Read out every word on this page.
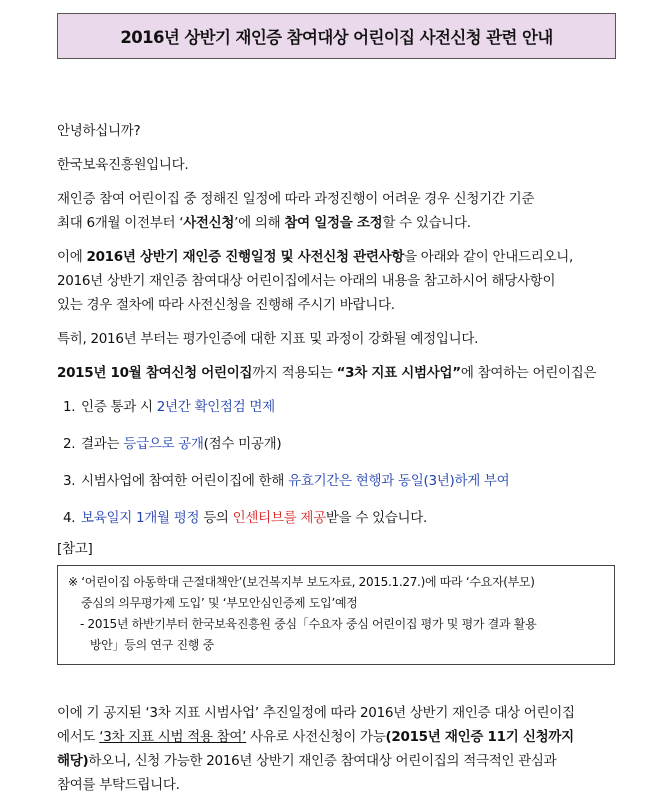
2016년 상반기 재인증 참여대상 어린이집 사전신청 관련 안내

안녕하십니까?

한국보육진흥원입니다.

재인증 참여 어린이집 중 정해진 일정에 따라 과정진행이 어려운 경우 신청기간 기준
최대 6개월 이전부터 ‘사전신청’에 의해 참여 일정을 조정할 수 있습니다.
이에 2016년 상반기 재인증 진행일정 및 사전신청 관련사항을 아래와 같이 안내드리오니,
2016년 상반기 재인증 참여대상 어린이집에서는 아래의 내용을 참고하시어 해당사항이
있는 경우 절차에 따라 사전신청을 진행해 주시기 바랍니다.

특히, 2016년 부터는 평가인증에 대한 지표 및 과정이 강화될 예정입니다.

2015년 10월 참여신청 어린이집까지 적용되는 “3차 지표 시범사업”에 참여하는 어린이집은
1. 인증 통과 시 2년간 확인점검 면제
2. 결과는 등급으로 공개(점수 미공개)
3. 시범사업에 참여한 어린이집에 한해 유효기간은 현행과 동일(3년)하게 부여
4. 보육일지 1개월 평정 등의 인센티브를 제공받을 수 있습니다.
[참고]
※ ‘어린이집 아동학대 근절대책안’(보건복지부 보도자료, 2015.1.27.)에 따라 ‘수요자(부모)
중심의 의무평가제 도입’ 및 ‘부모안심인증제 도입’예정
- 2015년 하반기부터 한국보육진흥원 중심「수요자 중심 어린이집 평가 및 평가 결과 활용
방안」등의 연구 진행 중
이에 기 공지된 ‘3차 지표 시범사업’ 추진일정에 따라 2016년 상반기 재인증 대상 어린이집
에서도 ‘3차 지표 시범 적용 참여’ 사유로 사전신청이 가능(2015년 재인증 11기 신청까지
해당)하오니, 신청 가능한 2016년 상반기 재인증 참여대상 어린이집의 적극적인 관심과
참여를 부탁드립니다.
